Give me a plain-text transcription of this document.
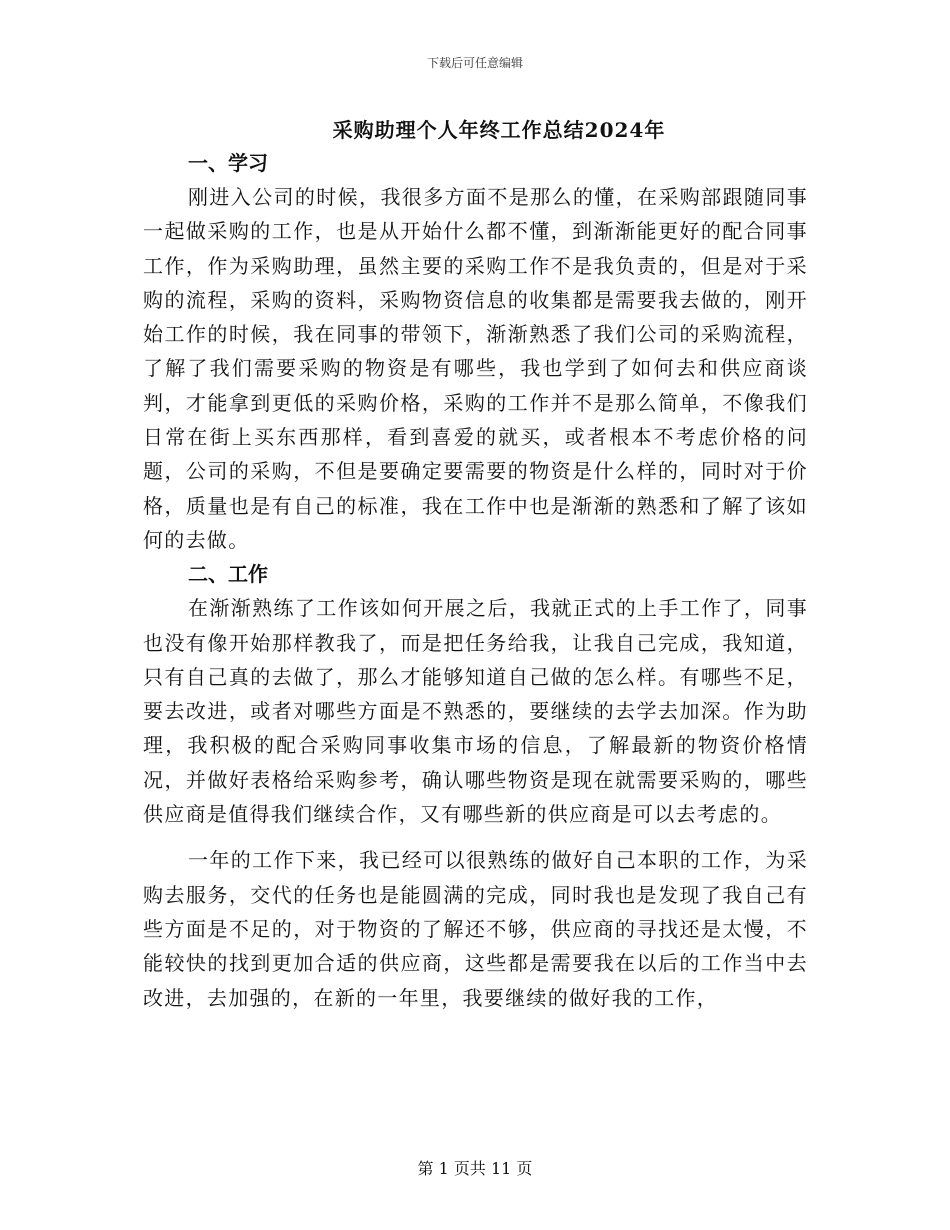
下载后可任意编辑
采购助理个人年终工作总结2024年
一、学习

刚进入公司的时候，我很多方面不是那么的懂，在采购部跟随同事一起做采购的工作，也是从开始什么都不懂，到渐渐能更好的配合同事工作，作为采购助理，虽然主要的采购工作不是我负责的，但是对于采购的流程，采购的资料，采购物资信息的收集都是需要我去做的，刚开始工作的时候，我在同事的带领下，渐渐熟悉了我们公司的采购流程，了解了我们需要采购的物资是有哪些，我也学到了如何去和供应商谈判，才能拿到更低的采购价格，采购的工作并不是那么简单，不像我们日常在街上买东西那样，看到喜爱的就买，或者根本不考虑价格的问题，公司的采购，不但是要确定要需要的物资是什么样的，同时对于价格，质量也是有自己的标准，我在工作中也是渐渐的熟悉和了解了该如何的去做。

二、工作

在渐渐熟练了工作该如何开展之后，我就正式的上手工作了，同事也没有像开始那样教我了，而是把任务给我，让我自己完成，我知道，只有自己真的去做了，那么才能够知道自己做的怎么样。有哪些不足，要去改进，或者对哪些方面是不熟悉的，要继续的去学去加深。作为助理，我积极的配合采购同事收集市场的信息，了解最新的物资价格情况，并做好表格给采购参考，确认哪些物资是现在就需要采购的，哪些供应商是值得我们继续合作，又有哪些新的供应商是可以去考虑的。

一年的工作下来，我已经可以很熟练的做好自己本职的工作，为采购去服务，交代的任务也是能圆满的完成，同时我也是发现了我自己有些方面是不足的，对于物资的了解还不够，供应商的寻找还是太慢，不能较快的找到更加合适的供应商，这些都是需要我在以后的工作当中去改进，去加强的，在新的一年里，我要继续的做好我的工作，

第 1 页共 11 页
